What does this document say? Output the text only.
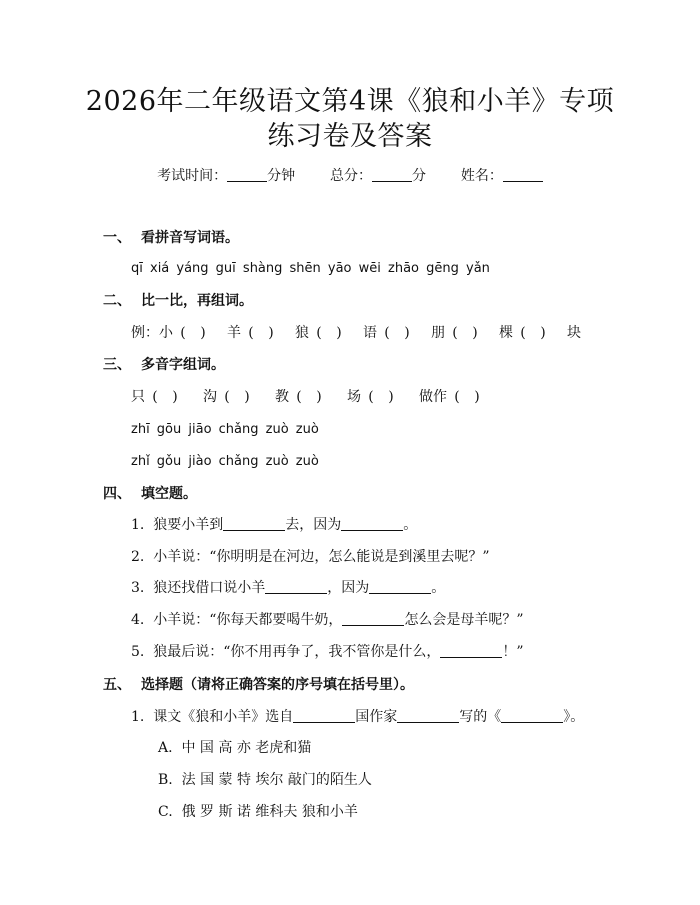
2026年二年级语文第4课《狼和小羊》专项
练习卷及答案
考试时间：	分钟 总分：	分 姓名：
一、 看拼音写词语。
qī xiá yáng guī shàng shēn yāo wēi zhāo gēng yǎn
二、 比一比，再组词。
例：小 ( ) 羊 ( ) 狼 ( ) 语 ( ) 朋 ( ) 棵 ( ) 块
三、 多音字组词。
只 ( ) 沟 ( ) 教 ( ) 场 ( ) 做作 ( )
zhī gōu jiāo chǎng zuò zuò
zhǐ gǒu jiào chǎng zuò zuò
四、 填空题。
1. 狼要小羊到	去，因为	。
2. 小羊说：“你明明是在河边，怎么能说是到溪里去呢？”
3. 狼还找借口说小羊	，因为	。
4. 小羊说：“你每天都要喝牛奶，	怎么会是母羊呢？”
5. 狼最后说：“你不用再争了，我不管你是什么，	！”
五、 选择题（请将正确答案的序号填在括号里）。
1. 课文《狼和小羊》选自	国作家	写的《	》。
A. 中 国 高 亦 老虎和猫
B. 法 国 蒙 特 埃尔 敲门的陌生人
C. 俄 罗 斯 诺 维科夫 狼和小羊
